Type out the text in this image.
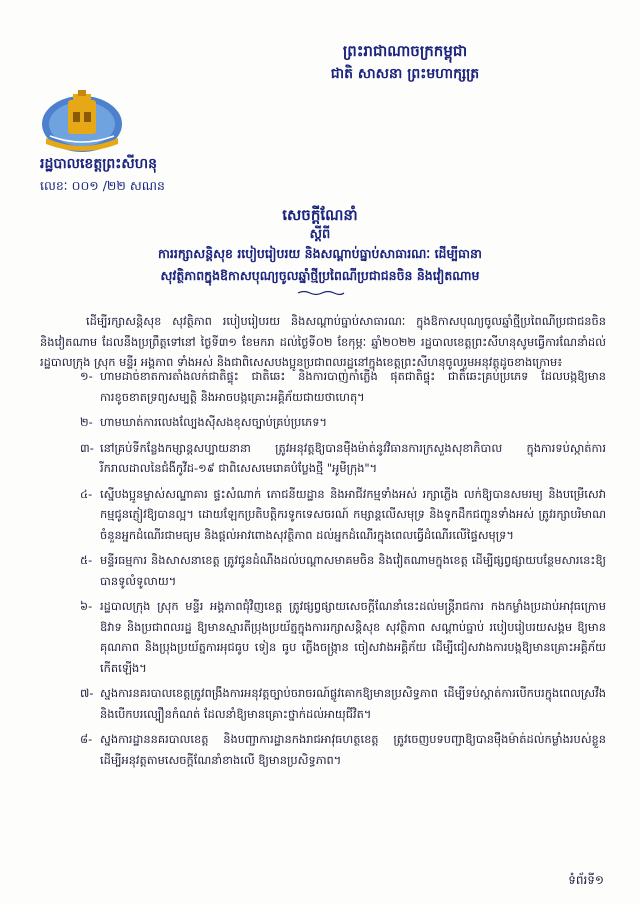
ព្រះរាជាណាចក្រកម្ពុជា
ជាតិ សាសនា ព្រះមហាក្សត្រ
រដ្ឋបាលខេត្តព្រះសីហនុ
លេខៈ ០០១ /២២ សណន
សេចក្តីណែនាំ
ស្តីពី
ការរក្សាសន្តិសុខ របៀបរៀបរយ និងសណ្តាប់ធ្នាប់សាធារណៈ ដើម្បីធានា
សុវត្ថិភាពក្នុងឱកាសបុណ្យចូលឆ្នាំថ្មីប្រពៃណីប្រជាជនចិន និងវៀតណាម

ដើម្បីរក្សាសន្តិសុខ សុវត្ថិភាព របៀបរៀបរយ និងសណ្តាប់ធ្នាប់សាធារណៈ ក្នុងឱកាសបុណ្យចូលឆ្នាំថ្មីប្រពៃណីប្រជាជនចិន និងវៀតណាម ដែលនឹងប្រព្រឹត្តទៅនៅ ថ្ងៃទី៣១ ខែមករា ដល់ថ្ងៃទី០២ ខែកុម្ភៈ ឆ្នាំ២០២២ រដ្ឋបាលខេត្តព្រះសីហនុសូមធ្វើការណែនាំដល់រដ្ឋបាលក្រុង ស្រុក មន្ទីរ អង្គភាព ទាំងអស់ និងជាពិសេសបងប្អូនប្រជាពលរដ្ឋនៅក្នុងខេត្តព្រះសីហនុចូលរួមអនុវត្តដូចខាងក្រោម៖

១- ហាមដាច់ខាតការតាំងលក់ជាតិផ្ទុះ ជាតិឆេះ និងការបាញ់កាំភ្លើង ផុតជាតិផ្ទុះ ជាតិឆេះគ្រប់ប្រភេទ ដែលបង្កឱ្យមានការខូចខាតទ្រព្យសម្បត្តិ និងអាចបង្កគ្រោះអគ្គិភ័យជាយថាហេតុ។
២- ហាមឃាត់ការលេងល្បែងស៊ីសងខុសច្បាប់គ្រប់ប្រភេទ។
៣- នៅគ្រប់ទីកន្លែងកម្សាន្តសប្បាយនានា ត្រូវអនុវត្តឱ្យបានម៉ឺងម៉ាត់នូវវិធានការក្រសួងសុខាភិបាល ក្នុងការទប់ស្កាត់ការរីករាលដាលនៃជំងឺកូវីដ-១៩ ជាពិសេសមេរោគបំប្លែងថ្មី "អូមីក្រុង"។
៤- ស្នើបងប្អូនម្ចាស់សណ្ឋាគារ ផ្ទះសំណាក់ ភោជនីយដ្ឋាន និងអាជីវកម្មទាំងអស់ រក្សាភ្លើង លក់ឱ្យបានសមរម្យ និងបម្រើសេវាកម្មជូនភ្ញៀវឱ្យបានល្អ។ ដោយឡែកប្រតិបត្តិករទូកទេសចរណ៍ កម្សាន្តលើសមុទ្រ និងទូកដឹកជញ្ជូនទាំងអស់ ត្រូវរក្សាបរិមាណចំនួនអ្នកដំណើរជាមធ្យម និងផ្តល់អាវពោងសុវត្ថិភាព ដល់អ្នកដំណើរក្នុងពេលធ្វើដំណើរលើផ្ទៃសមុទ្រ។
៥- មន្ទីរធម្មការ និងសាសនាខេត្ត ត្រូវជូនដំណឹងដល់បណ្តាសមាគមចិន និងវៀតណាមក្នុងខេត្ត ដើម្បីផ្សព្វផ្សាយបន្ថែមសារនេះឱ្យបានទូលំទូលាយ។
៦- រដ្ឋបាលក្រុង ស្រុក មន្ទីរ អង្គភាពជុំវិញខេត្ត ត្រូវផ្សព្វផ្សាយសេចក្តីណែនាំនេះដល់មន្ត្រីរាជការ កងកម្លាំងប្រដាប់អាវុធក្រោមឱវាទ និងប្រជាពលរដ្ឋ ឱ្យមានស្មារតីប្រុងប្រយ័ត្នក្នុងការរក្សាសន្តិសុខ សុវត្ថិភាព សណ្តាប់ធ្នាប់ របៀបរៀបរយសង្គម ឱ្យមានគុណភាព និងប្រុងប្រយ័ត្នការអុជធូប ទៀន ធូប ភ្លើងចង្ក្រាន ចៀសវាងអគ្គិភ័យ ដើម្បីជៀសវាងការបង្កឱ្យមានគ្រោះអគ្គិភ័យកើតឡើង។
៧- ស្នងការនគរបាលខេត្តត្រូវពង្រឹងការអនុវត្តច្បាប់ចរាចរណ៍ផ្លូវគោកឱ្យមានប្រសិទ្ធភាព ដើម្បីទប់ស្កាត់ការបើកបរក្នុងពេលស្រវឹង និងបើកបរល្បឿនកំណត់ ដែលនាំឱ្យមានគ្រោះថ្នាក់ដល់អាយុជីវិត។
៨- ស្នងការដ្ឋាននគរបាលខេត្ត និងបញ្ជាការដ្ឋានកងរាជអាវុធហត្ថខេត្ត ត្រូវចេញបទបញ្ជាឱ្យបានម៉ឺងម៉ាត់ដល់កម្លាំងរបស់ខ្លួន ដើម្បីអនុវត្តតាមសេចក្តីណែនាំខាងលើ ឱ្យមានប្រសិទ្ធភាព។
ទំព័រទី១
